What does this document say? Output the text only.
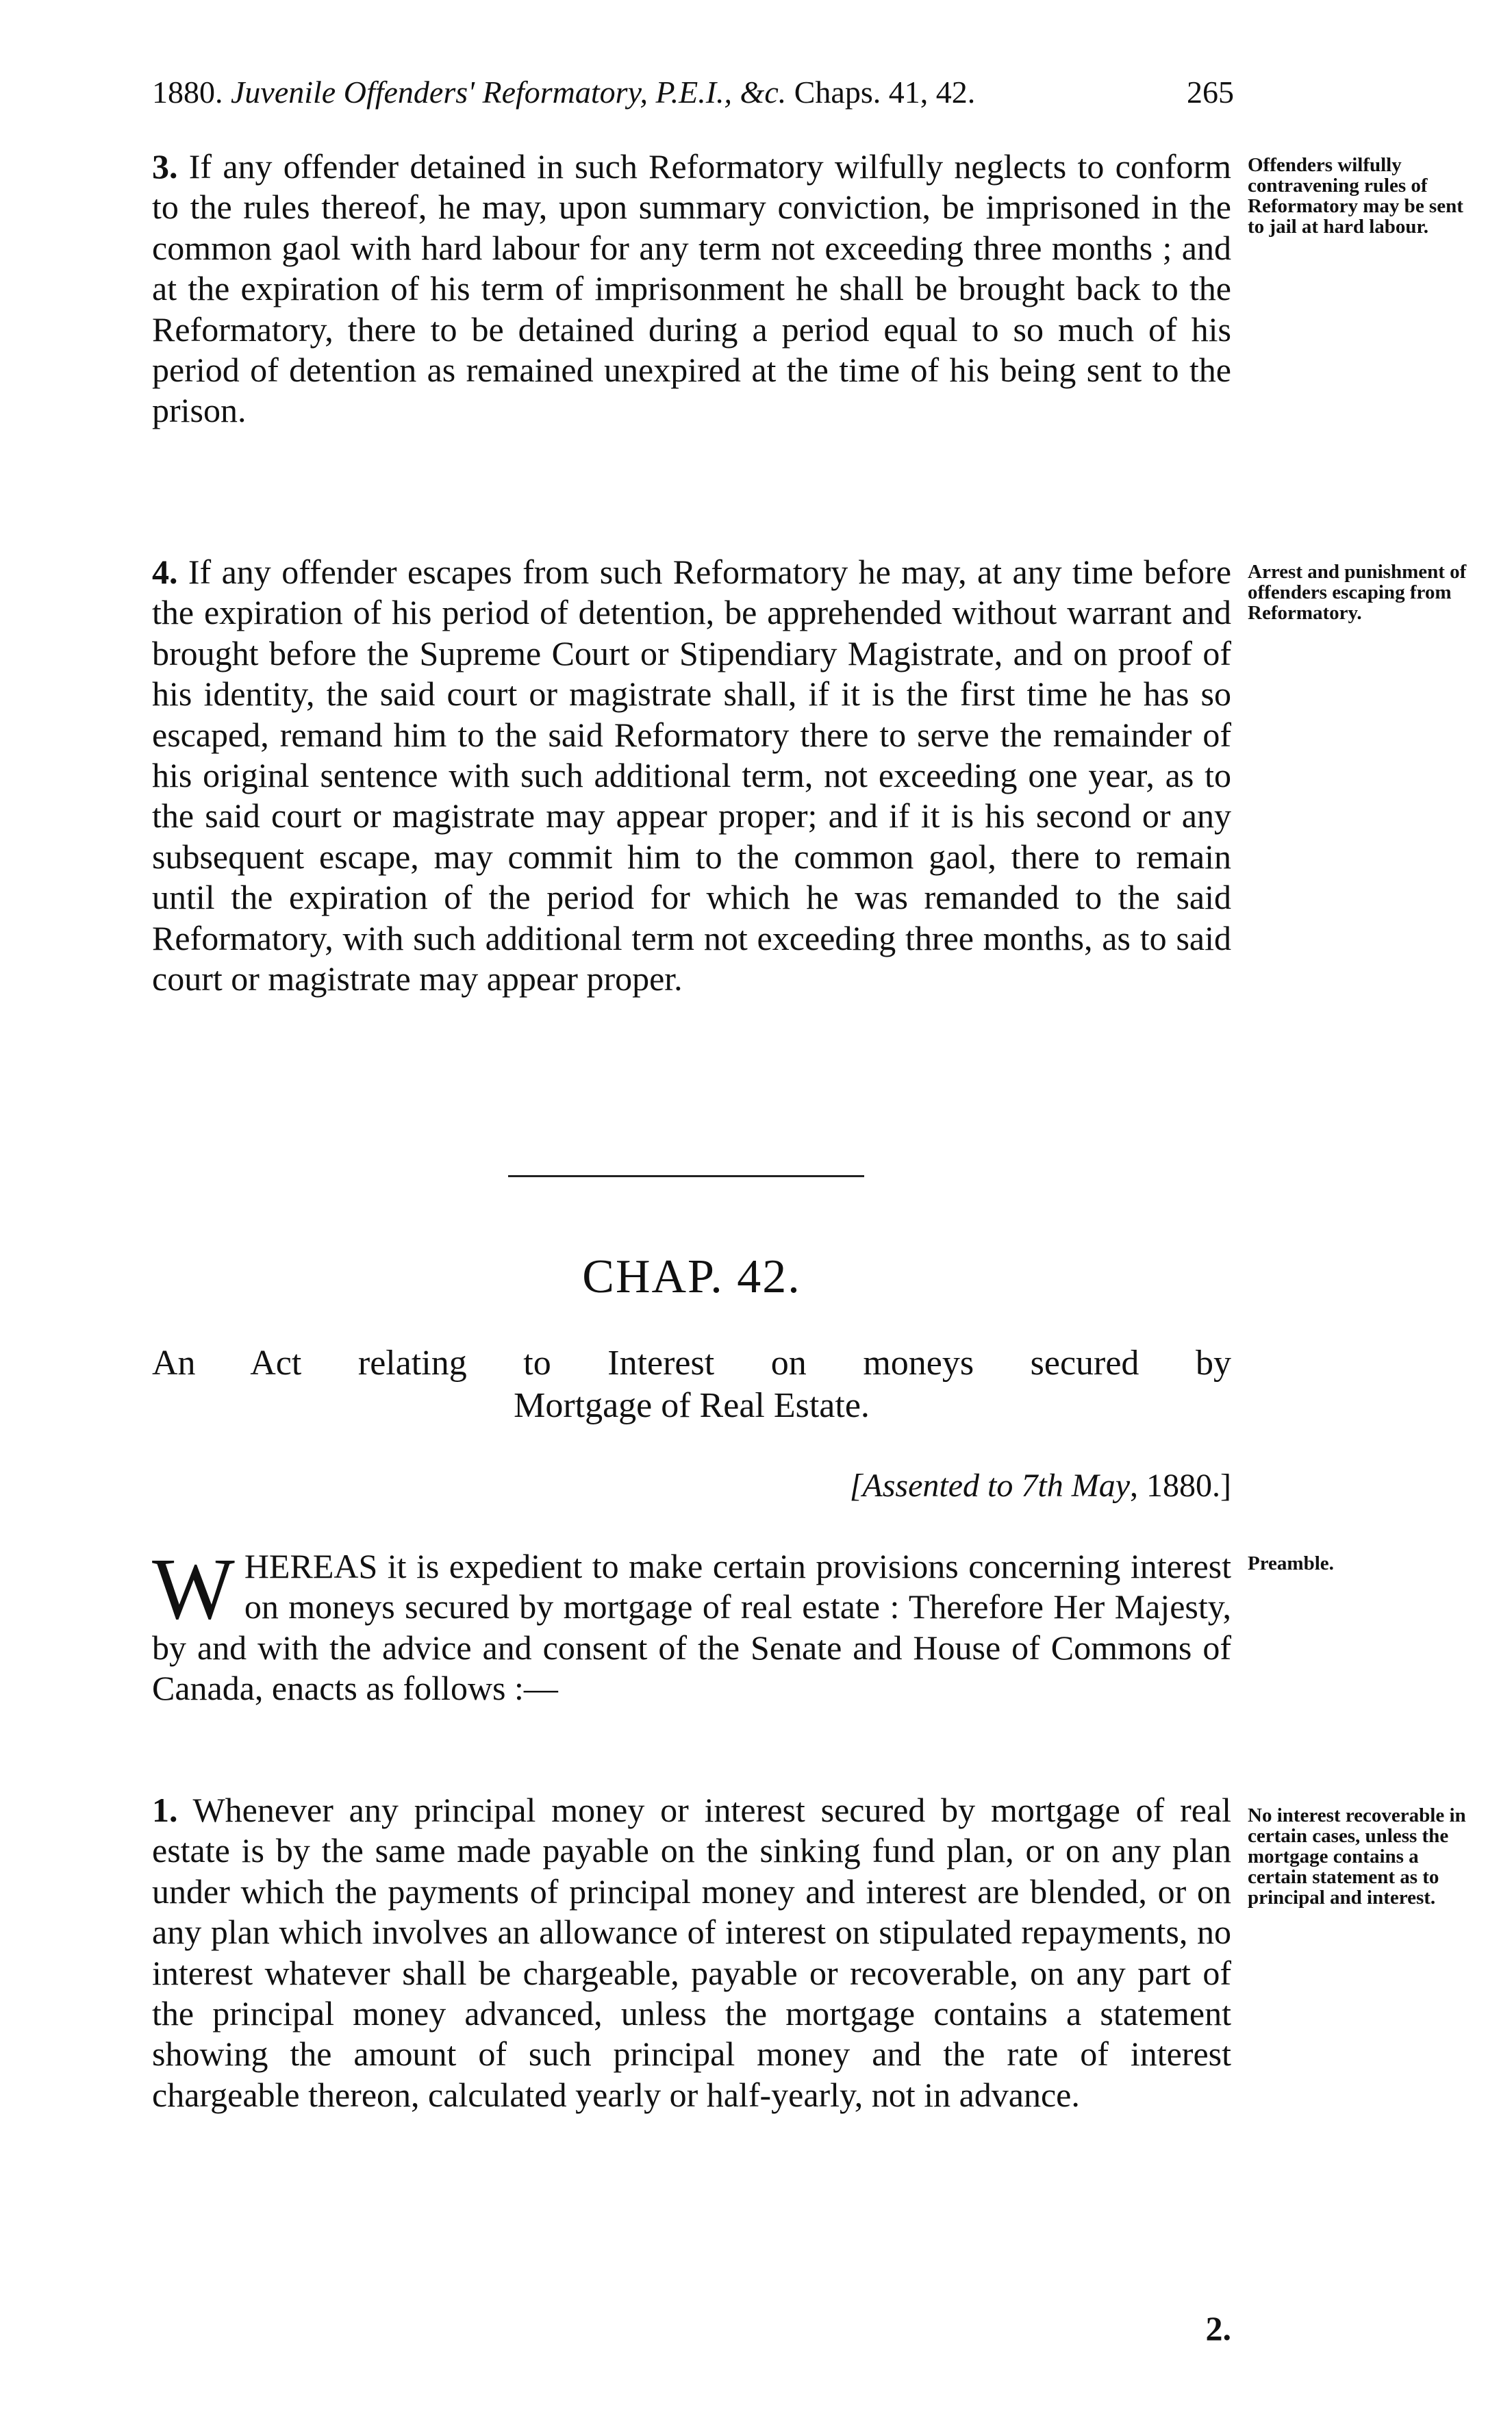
1880. Juvenile Offenders' Reformatory, P.E.I., &c. Chaps. 41, 42.	265
3. If any offender detained in such Reformatory wilfully neglects to conform to the rules thereof, he may, upon summary conviction, be imprisoned in the common gaol with hard labour for any term not exceeding three months ; and at the expiration of his term of imprisonment he shall be brought back to the Reformatory, there to be detained during a period equal to so much of his period of detention as remained unexpired at the time of his being sent to the prison.
Offenders wilfully contravening rules of Reformatory may be sent to jail at hard labour.
4. If any offender escapes from such Reformatory he may, at any time before the expiration of his period of detention, be apprehended without warrant and brought before the Supreme Court or Stipendiary Magistrate, and on proof of his identity, the said court or magistrate shall, if it is the first time he has so escaped, remand him to the said Reformatory there to serve the remainder of his original sentence with such additional term, not exceeding one year, as to the said court or magistrate may appear proper; and if it is his second or any subsequent escape, may commit him to the common gaol, there to remain until the expiration of the period for which he was remanded to the said Reformatory, with such additional term not exceeding three months, as to said court or magistrate may appear proper.
Arrest and punishment of offenders escaping from Reformatory.
CHAP. 42.
An Act relating to Interest on moneys secured by
Mortgage of Real Estate.
[Assented to 7th May, 1880.]
WHEREAS it is expedient to make certain provisions concerning interest on moneys secured by mortgage of real estate : Therefore Her Majesty, by and with the advice and consent of the Senate and House of Commons of Canada, enacts as follows :—
Preamble.
1. Whenever any principal money or interest secured by mortgage of real estate is by the same made payable on the sinking fund plan, or on any plan under which the payments of principal money and interest are blended, or on any plan which involves an allowance of interest on stipulated repayments, no interest whatever shall be chargeable, payable or recoverable, on any part of the principal money advanced, unless the mortgage contains a statement showing the amount of such principal money and the rate of interest chargeable thereon, calculated yearly or half-yearly, not in advance.
No interest recoverable in certain cases, unless the mortgage contains a certain statement as to principal and interest.
2.
